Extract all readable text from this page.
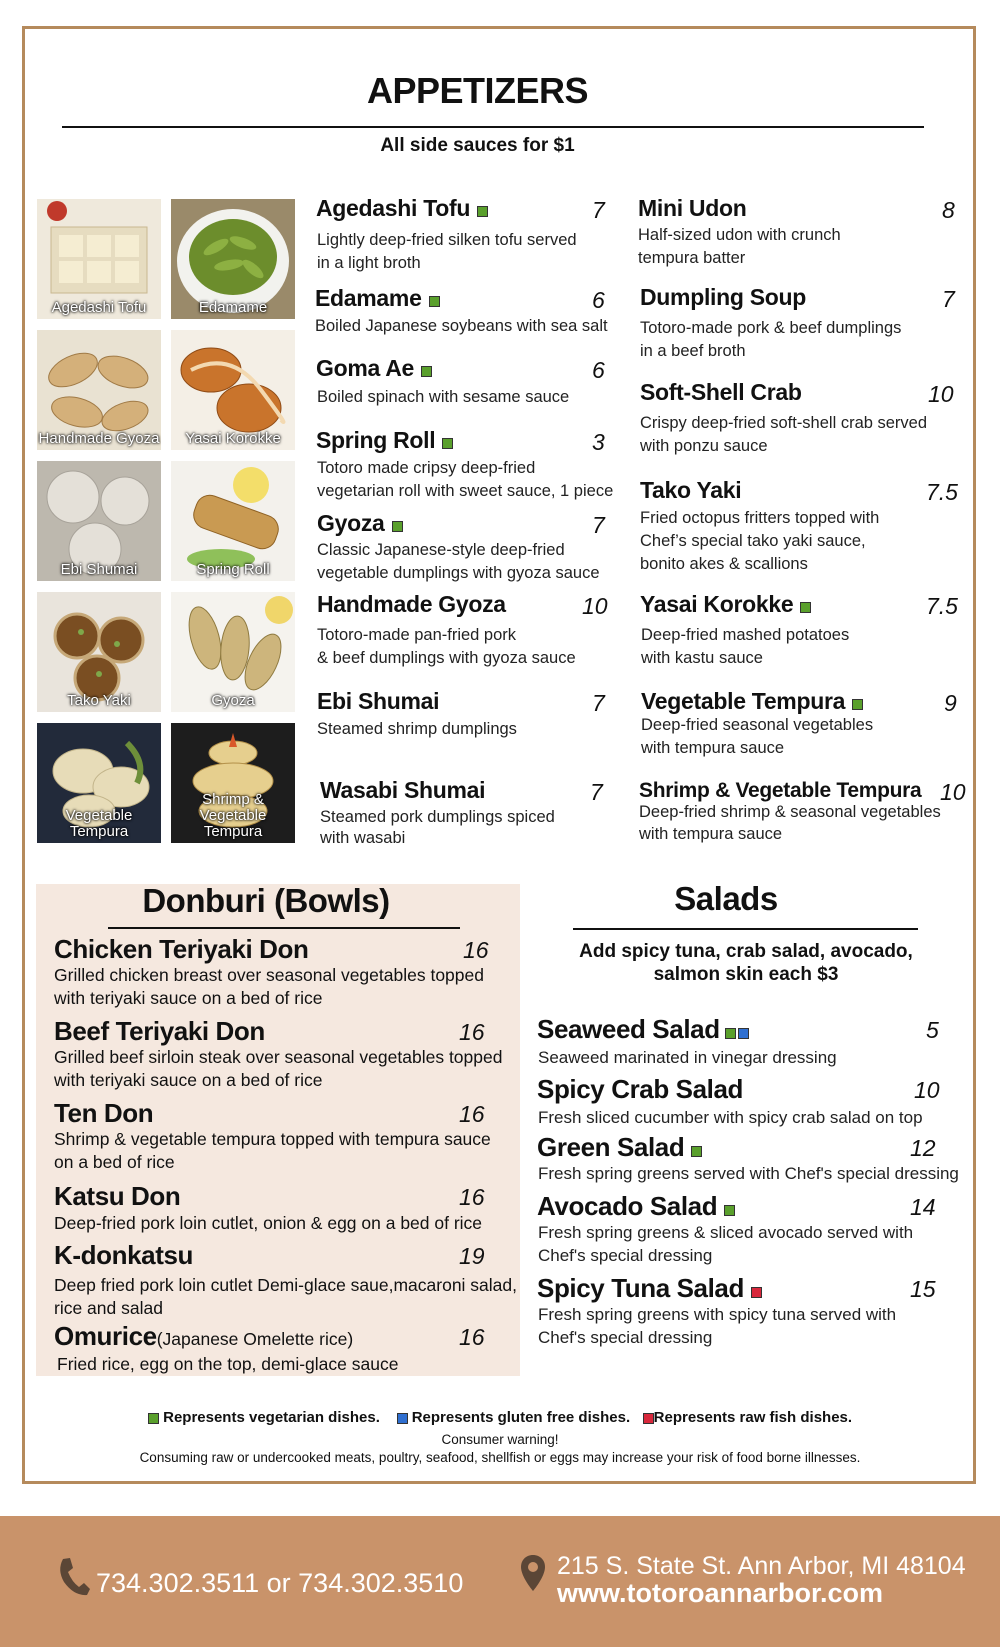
APPETIZERS
All side sauces for $1
Agedashi Tofu	Edamame
Handmade Gyoza	Yasai Korokke
Ebi Shumai	Spring Roll
Tako Yaki	Gyoza
Vegetable Tempura
Shrimp & Vegetable Tempura
Agedashi Tofu	7
Lightly deep-fried silken tofu served
in a light broth
Edamame	6
Boiled Japanese soybeans with sea salt
Goma Ae	6
Boiled spinach with sesame sauce
Spring Roll	3
Totoro made cripsy deep-fried
vegetarian roll with sweet sauce, 1 piece
Gyoza	7
Classic Japanese-style deep-fried
vegetable dumplings with gyoza sauce
Handmade Gyoza	10
Totoro-made pan-fried pork
& beef dumplings with gyoza sauce
Ebi Shumai	7
Steamed shrimp dumplings
Wasabi Shumai	7
Steamed pork dumplings spiced
with wasabi
Mini Udon	8
Half-sized udon with crunch
tempura batter
Dumpling Soup	7
Totoro-made pork & beef dumplings
in a beef broth
Soft-Shell Crab	10
Crispy deep-fried soft-shell crab served
with ponzu sauce
Tako Yaki	7.5
Fried octopus fritters topped with
Chef’s special tako yaki sauce,
bonito akes & scallions
Yasai Korokke	7.5
Deep-fried mashed potatoes
with kastu sauce
Vegetable Tempura	9
Deep-fried seasonal vegetables
with tempura sauce
Shrimp & Vegetable Tempura 10
Deep-fried shrimp & seasonal vegetables
with tempura sauce
Donburi (Bowls)
Chicken Teriyaki Don	16
Grilled chicken breast over seasonal vegetables topped
with teriyaki sauce on a bed of rice
Beef Teriyaki Don	16
Grilled beef sirloin steak over seasonal vegetables topped
with teriyaki sauce on a bed of rice
Ten Don	16
Shrimp & vegetable tempura topped with tempura sauce
on a bed of rice
Katsu Don	16
Deep-fried pork loin cutlet, onion & egg on a bed of rice
K-donkatsu	19
Deep fried pork loin cutlet Demi-glace saue,macaroni salad,
rice and salad
Omurice(Japanese Omelette rice)	16
Fried rice, egg on the top, demi-glace sauce
Salads
Add spicy tuna, crab salad, avocado,
salmon skin each $3
Seaweed Salad	5
Seaweed marinated in vinegar dressing
Spicy Crab Salad	10
Fresh sliced cucumber with spicy crab salad on top
Green Salad	12
Fresh spring greens served with Chef's special dressing
Avocado Salad	14
Fresh spring greens & sliced avocado served with
Chef's special dressing
Spicy Tuna Salad	15
Fresh spring greens with spicy tuna served with
Chef's special dressing
Represents vegetarian dishes. Represents gluten free dishes. Represents raw fish dishes.
Consumer warning!
Consuming raw or undercooked meats, poultry, seafood, shellfish or eggs may increase your risk of food borne illnesses.
734.302.3511 or 734.302.3510
215 S. State St. Ann Arbor, MI 48104
www.totoroannarbor.com
